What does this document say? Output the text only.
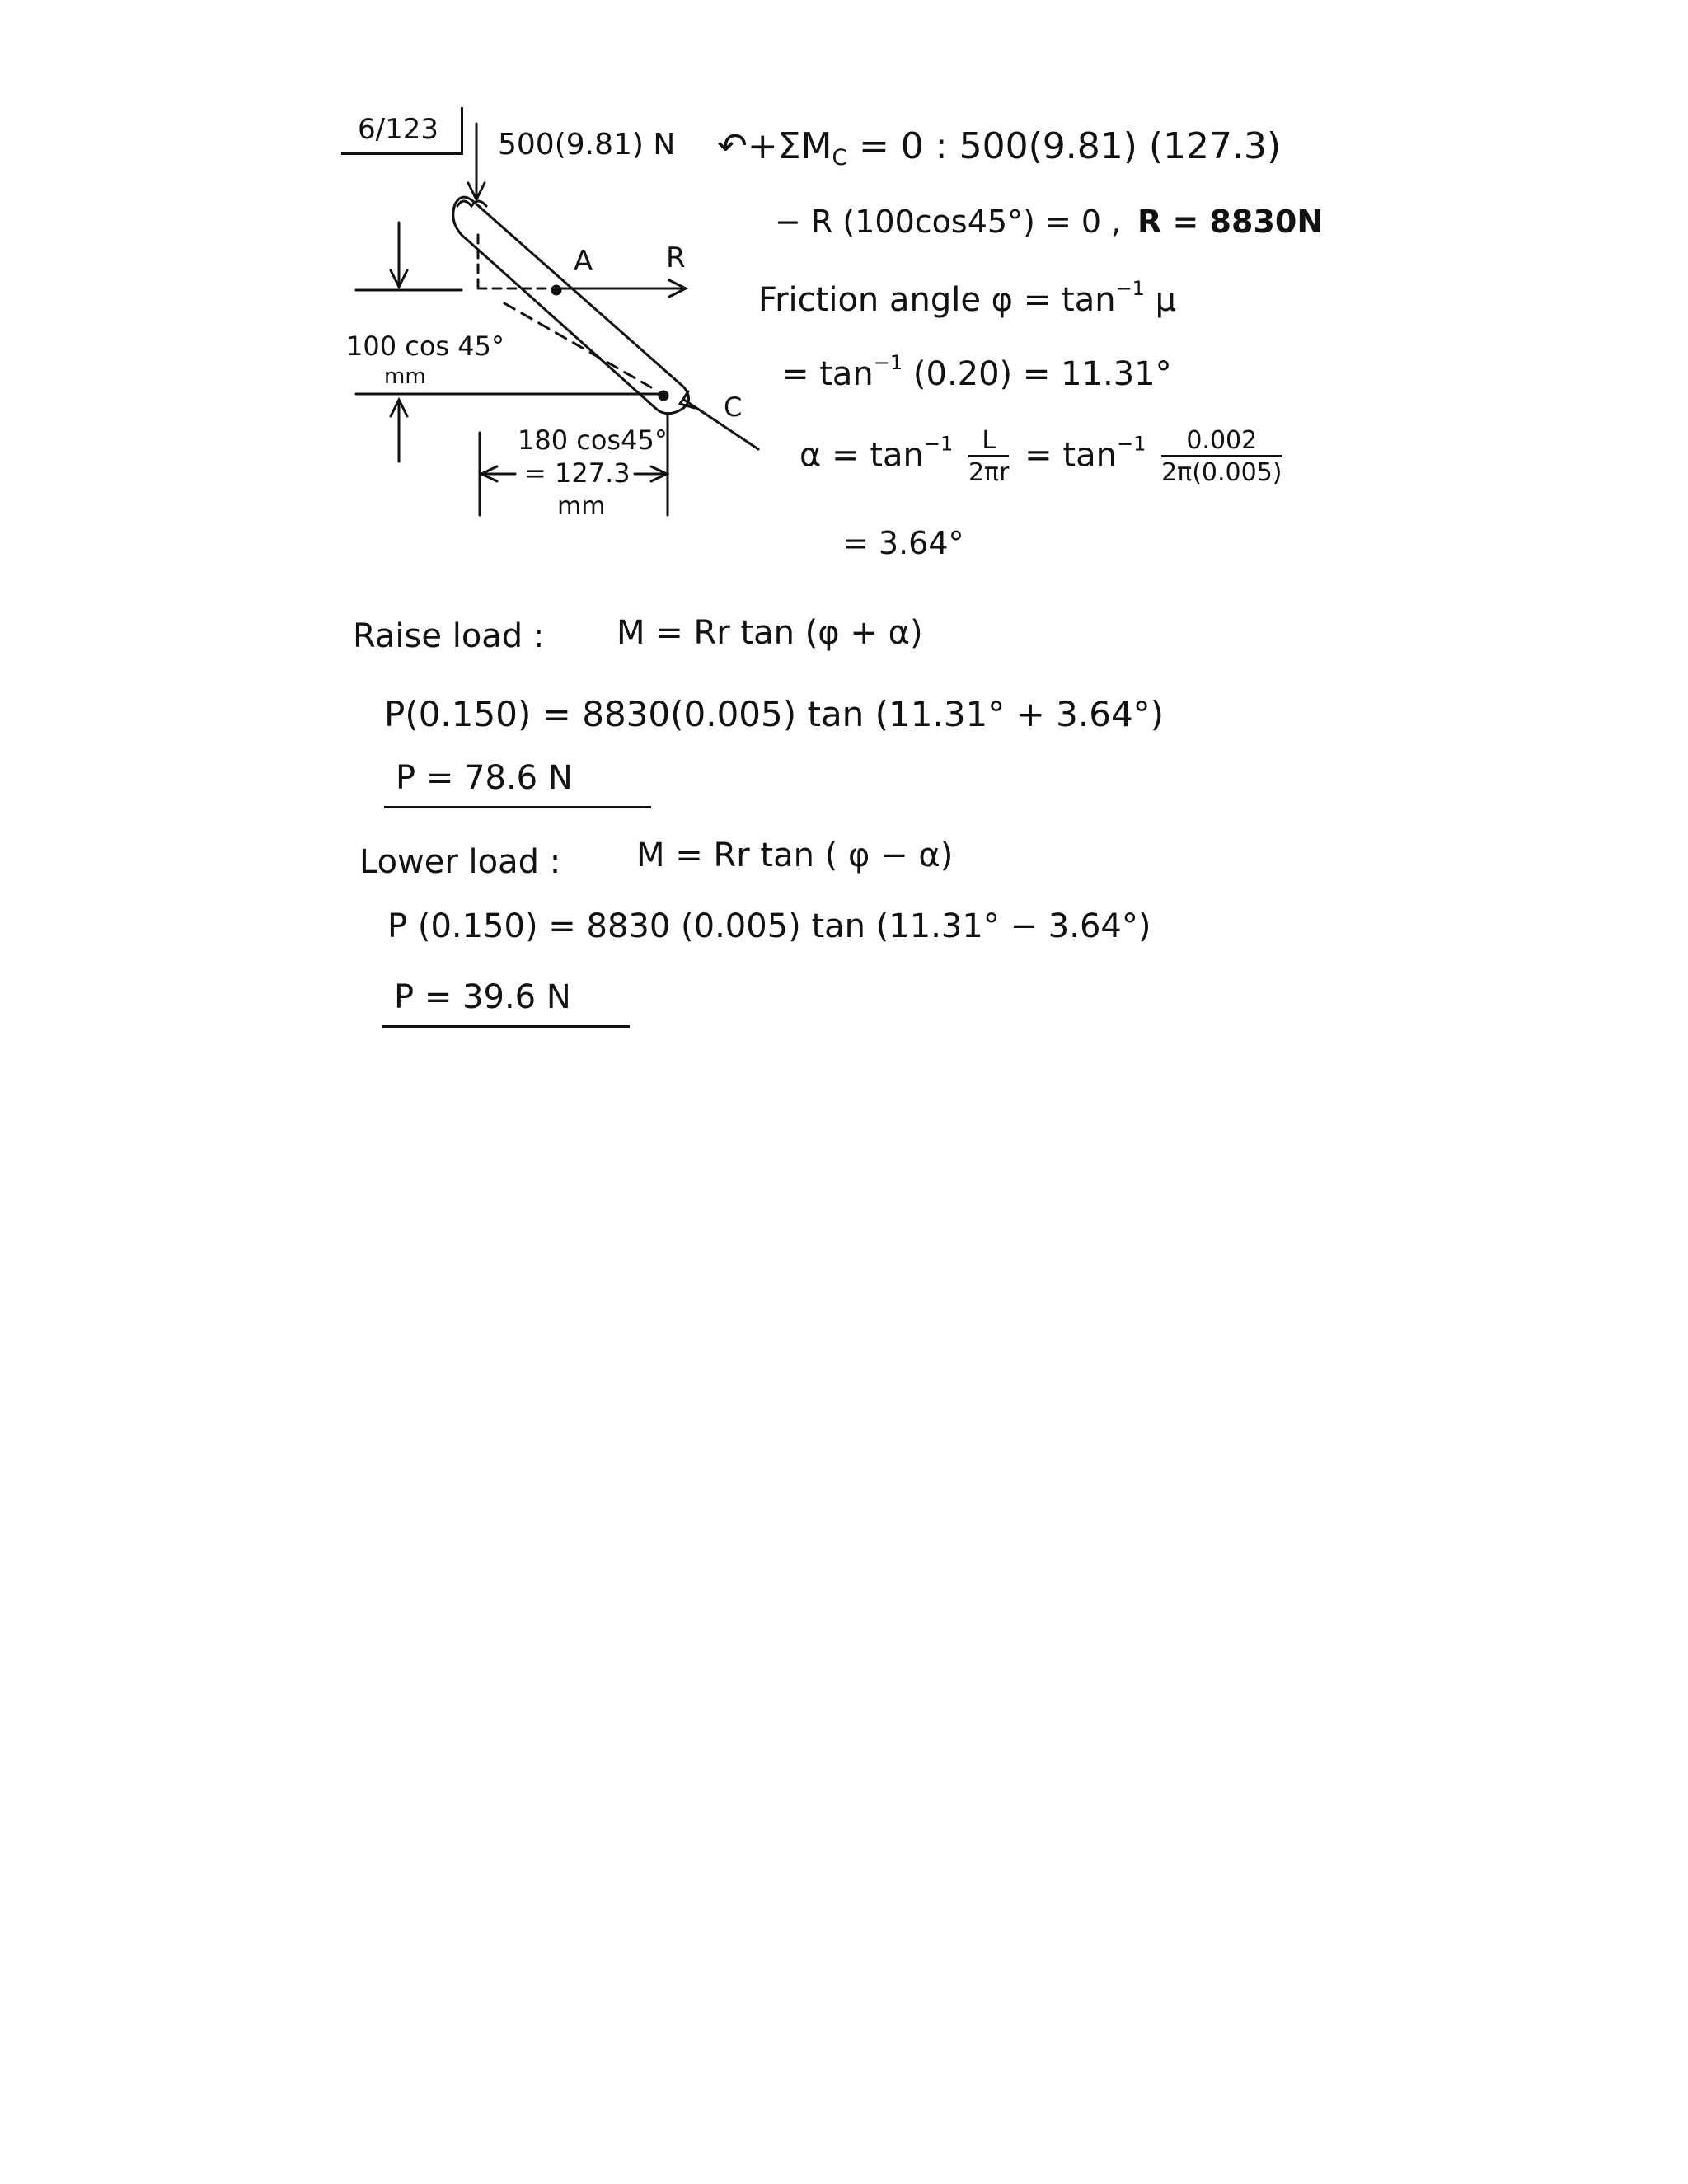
6/123 500(9.81) N
A	R
C
100 cos 45°
mm
180 cos45°
= 127.3
mm
↶+ΣMC = 0 : 500(9.81) (127.3)
− R (100cos45°) = 0 , R = 8830N
Friction angle $\varphi = \tan^{-1} \mu$
= $\tan^{-1} (0.20) = 11.31^\circ$
$\alpha = \tan^{-1} \frac{L}{2\pi r} = \tan^{-1} \frac{0.002}{2\pi(0.005)}$
= 3.64°
Raise load : M = Rr tan (φ + α)
P(0.150) = 8830(0.005) tan (11.31° + 3.64°)
P = 78.6 N
Lower load : M = Rr tan ( φ − α)
P (0.150) = 8830 (0.005) tan (11.31° − 3.64°)
P = 39.6 N
